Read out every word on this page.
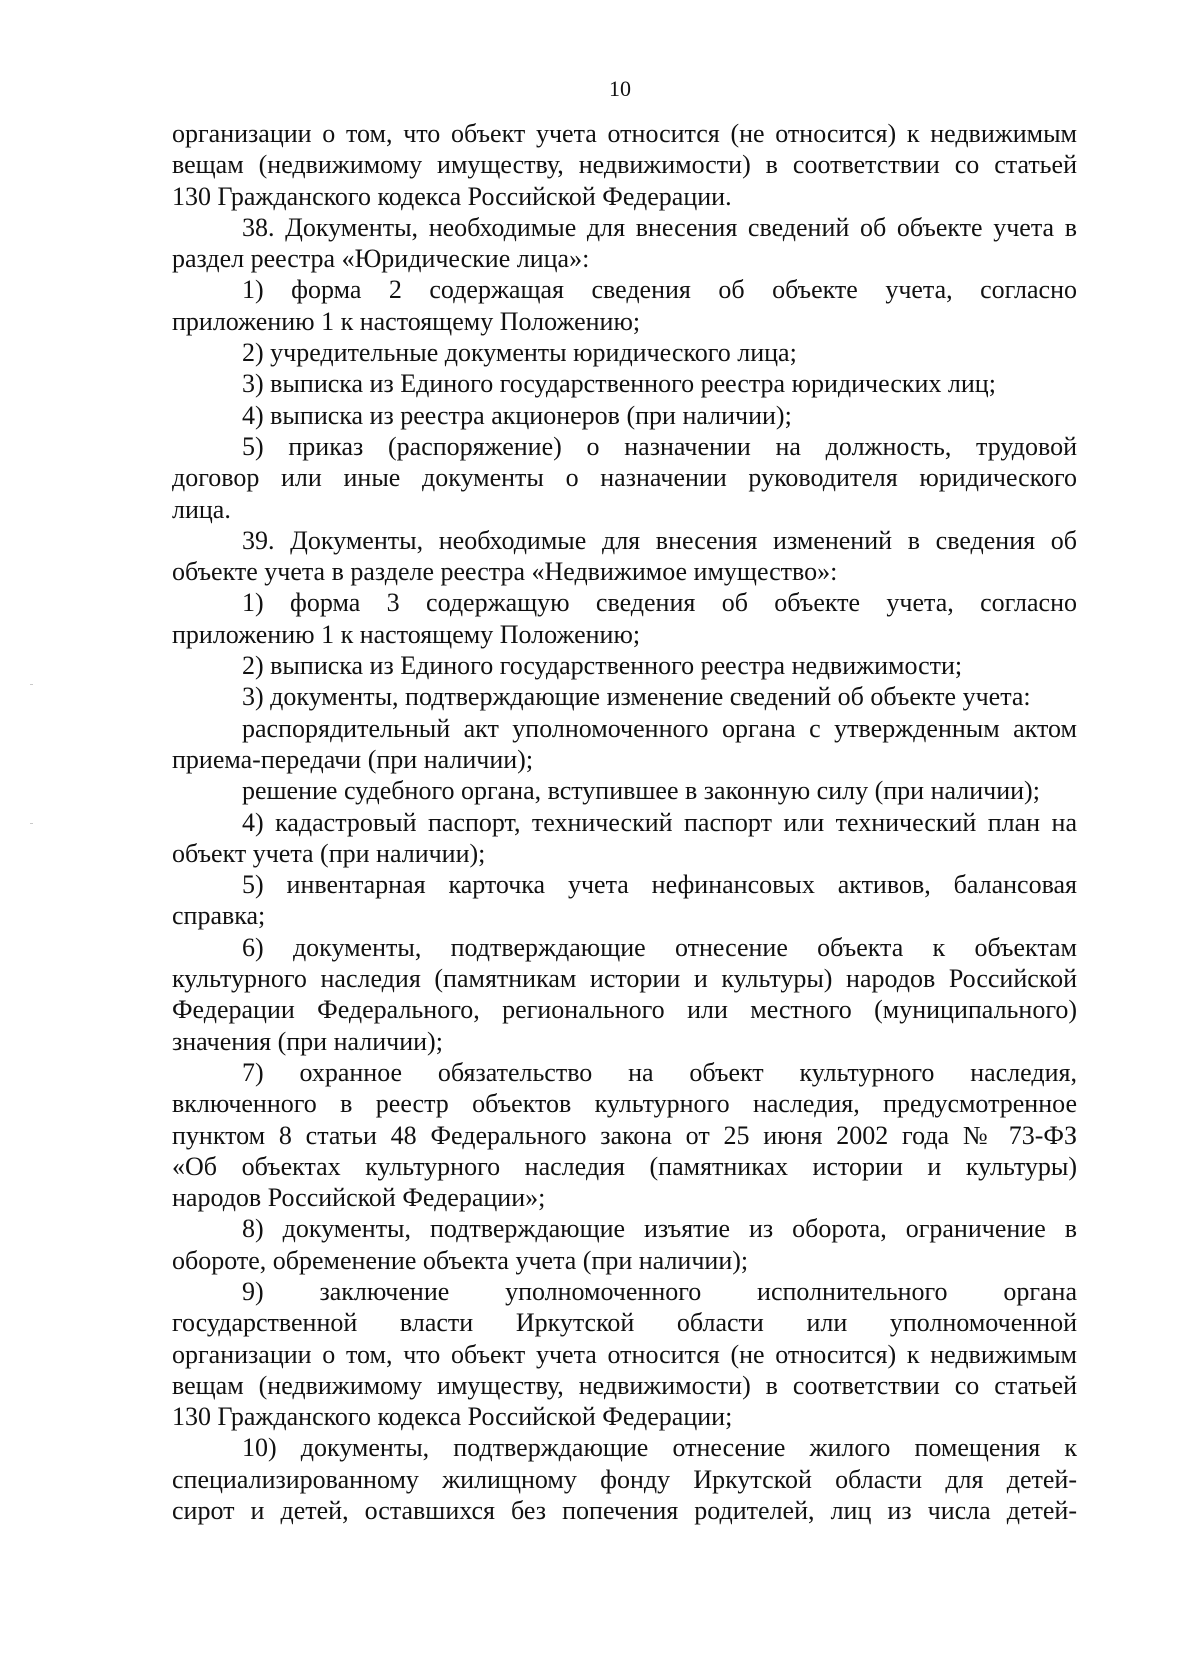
10
организации о том, что объект учета относится (не относится) к недвижимым
вещам (недвижимому имуществу, недвижимости) в соответствии со статьей
130 Гражданского кодекса Российской Федерации.
38. Документы, необходимые для внесения сведений об объекте учета в
раздел реестра «Юридические лица»:
1) форма 2 содержащая сведения об объекте учета, согласно
приложению 1 к настоящему Положению;
2) учредительные документы юридического лица;
3) выписка из Единого государственного реестра юридических лиц;
4) выписка из реестра акционеров (при наличии);
5) приказ (распоряжение) о назначении на должность, трудовой
договор или иные документы о назначении руководителя юридического
лица.
39. Документы, необходимые для внесения изменений в сведения об
объекте учета в разделе реестра «Недвижимое имущество»:
1) форма 3 содержащую сведения об объекте учета, согласно
приложению 1 к настоящему Положению;
2) выписка из Единого государственного реестра недвижимости;
3) документы, подтверждающие изменение сведений об объекте учета:
распорядительный акт уполномоченного органа с утвержденным актом
приема-передачи (при наличии);
решение судебного органа, вступившее в законную силу (при наличии);
4) кадастровый паспорт, технический паспорт или технический план на
объект учета (при наличии);
5) инвентарная карточка учета нефинансовых активов, балансовая
справка;
6) документы, подтверждающие отнесение объекта к объектам
культурного наследия (памятникам истории и культуры) народов Российской
Федерации Федерального, регионального или местного (муниципального)
значения (при наличии);
7) охранное обязательство на объект культурного наследия,
включенного в реестр объектов культурного наследия, предусмотренное
пунктом 8 статьи 48 Федерального закона от 25 июня 2002 года № 73-ФЗ
«Об объектах культурного наследия (памятниках истории и культуры)
народов Российской Федерации»;
8) документы, подтверждающие изъятие из оборота, ограничение в
обороте, обременение объекта учета (при наличии);
9) заключение уполномоченного исполнительного органа
государственной власти Иркутской области или уполномоченной
организации о том, что объект учета относится (не относится) к недвижимым
вещам (недвижимому имуществу, недвижимости) в соответствии со статьей
130 Гражданского кодекса Российской Федерации;
10) документы, подтверждающие отнесение жилого помещения к
специализированному жилищному фонду Иркутской области для детей-
сирот и детей, оставшихся без попечения родителей, лиц из числа детей-
